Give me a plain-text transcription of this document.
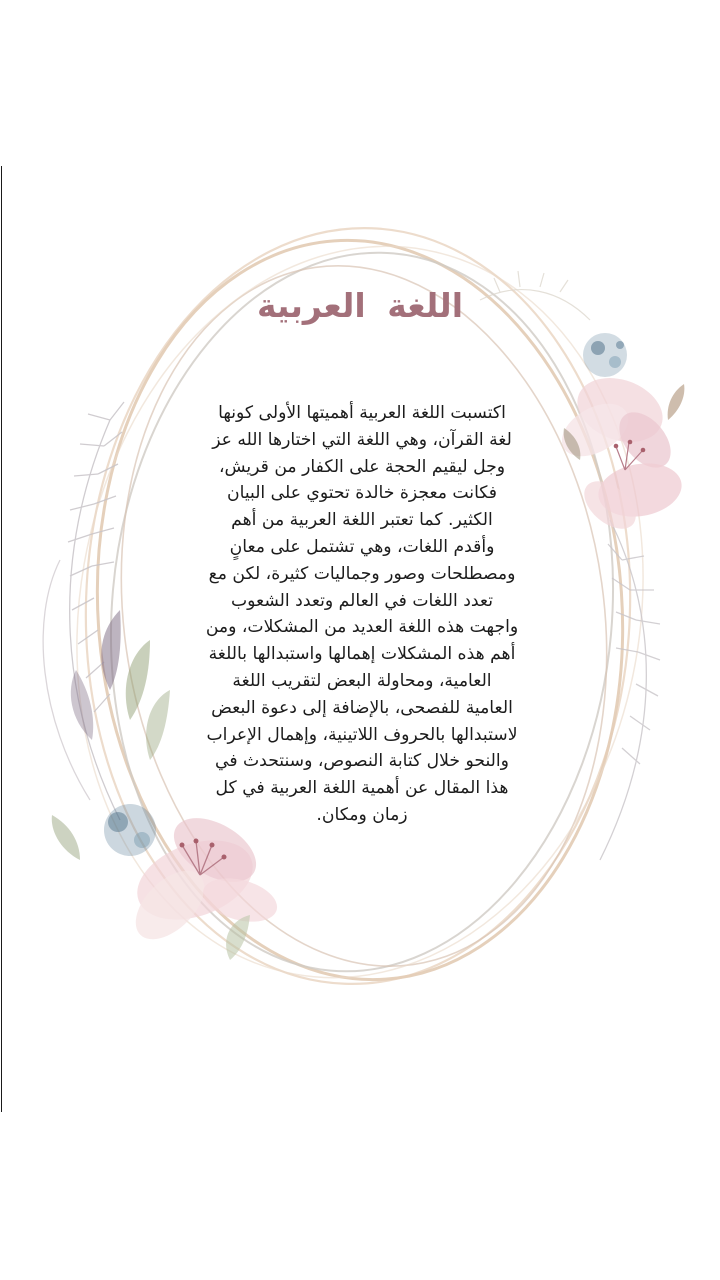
اللغة العربية
اكتسبت اللغة العربية أهميتها الأولى كونها
لغة القرآن، وهي اللغة التي اختارها الله عز
وجل ليقيم الحجة على الكفار من قريش،
فكانت معجزة خالدة تحتوي على البيان
الكثير. كما تعتبر اللغة العربية من أهم
وأقدم اللغات، وهي تشتمل على معانٍ
ومصطلحات وصور وجماليات كثيرة، لكن مع
تعدد اللغات في العالم وتعدد الشعوب
واجهت هذه اللغة العديد من المشكلات، ومن
أهم هذه المشكلات إهمالها واستبدالها باللغة
العامية، ومحاولة البعض لتقريب اللغة
العامية للفصحى، بالإضافة إلى دعوة البعض
لاستبدالها بالحروف اللاتينية، وإهمال الإعراب
والنحو خلال كتابة النصوص، وسنتحدث في
هذا المقال عن أهمية اللغة العربية في كل
زمان ومكان.
